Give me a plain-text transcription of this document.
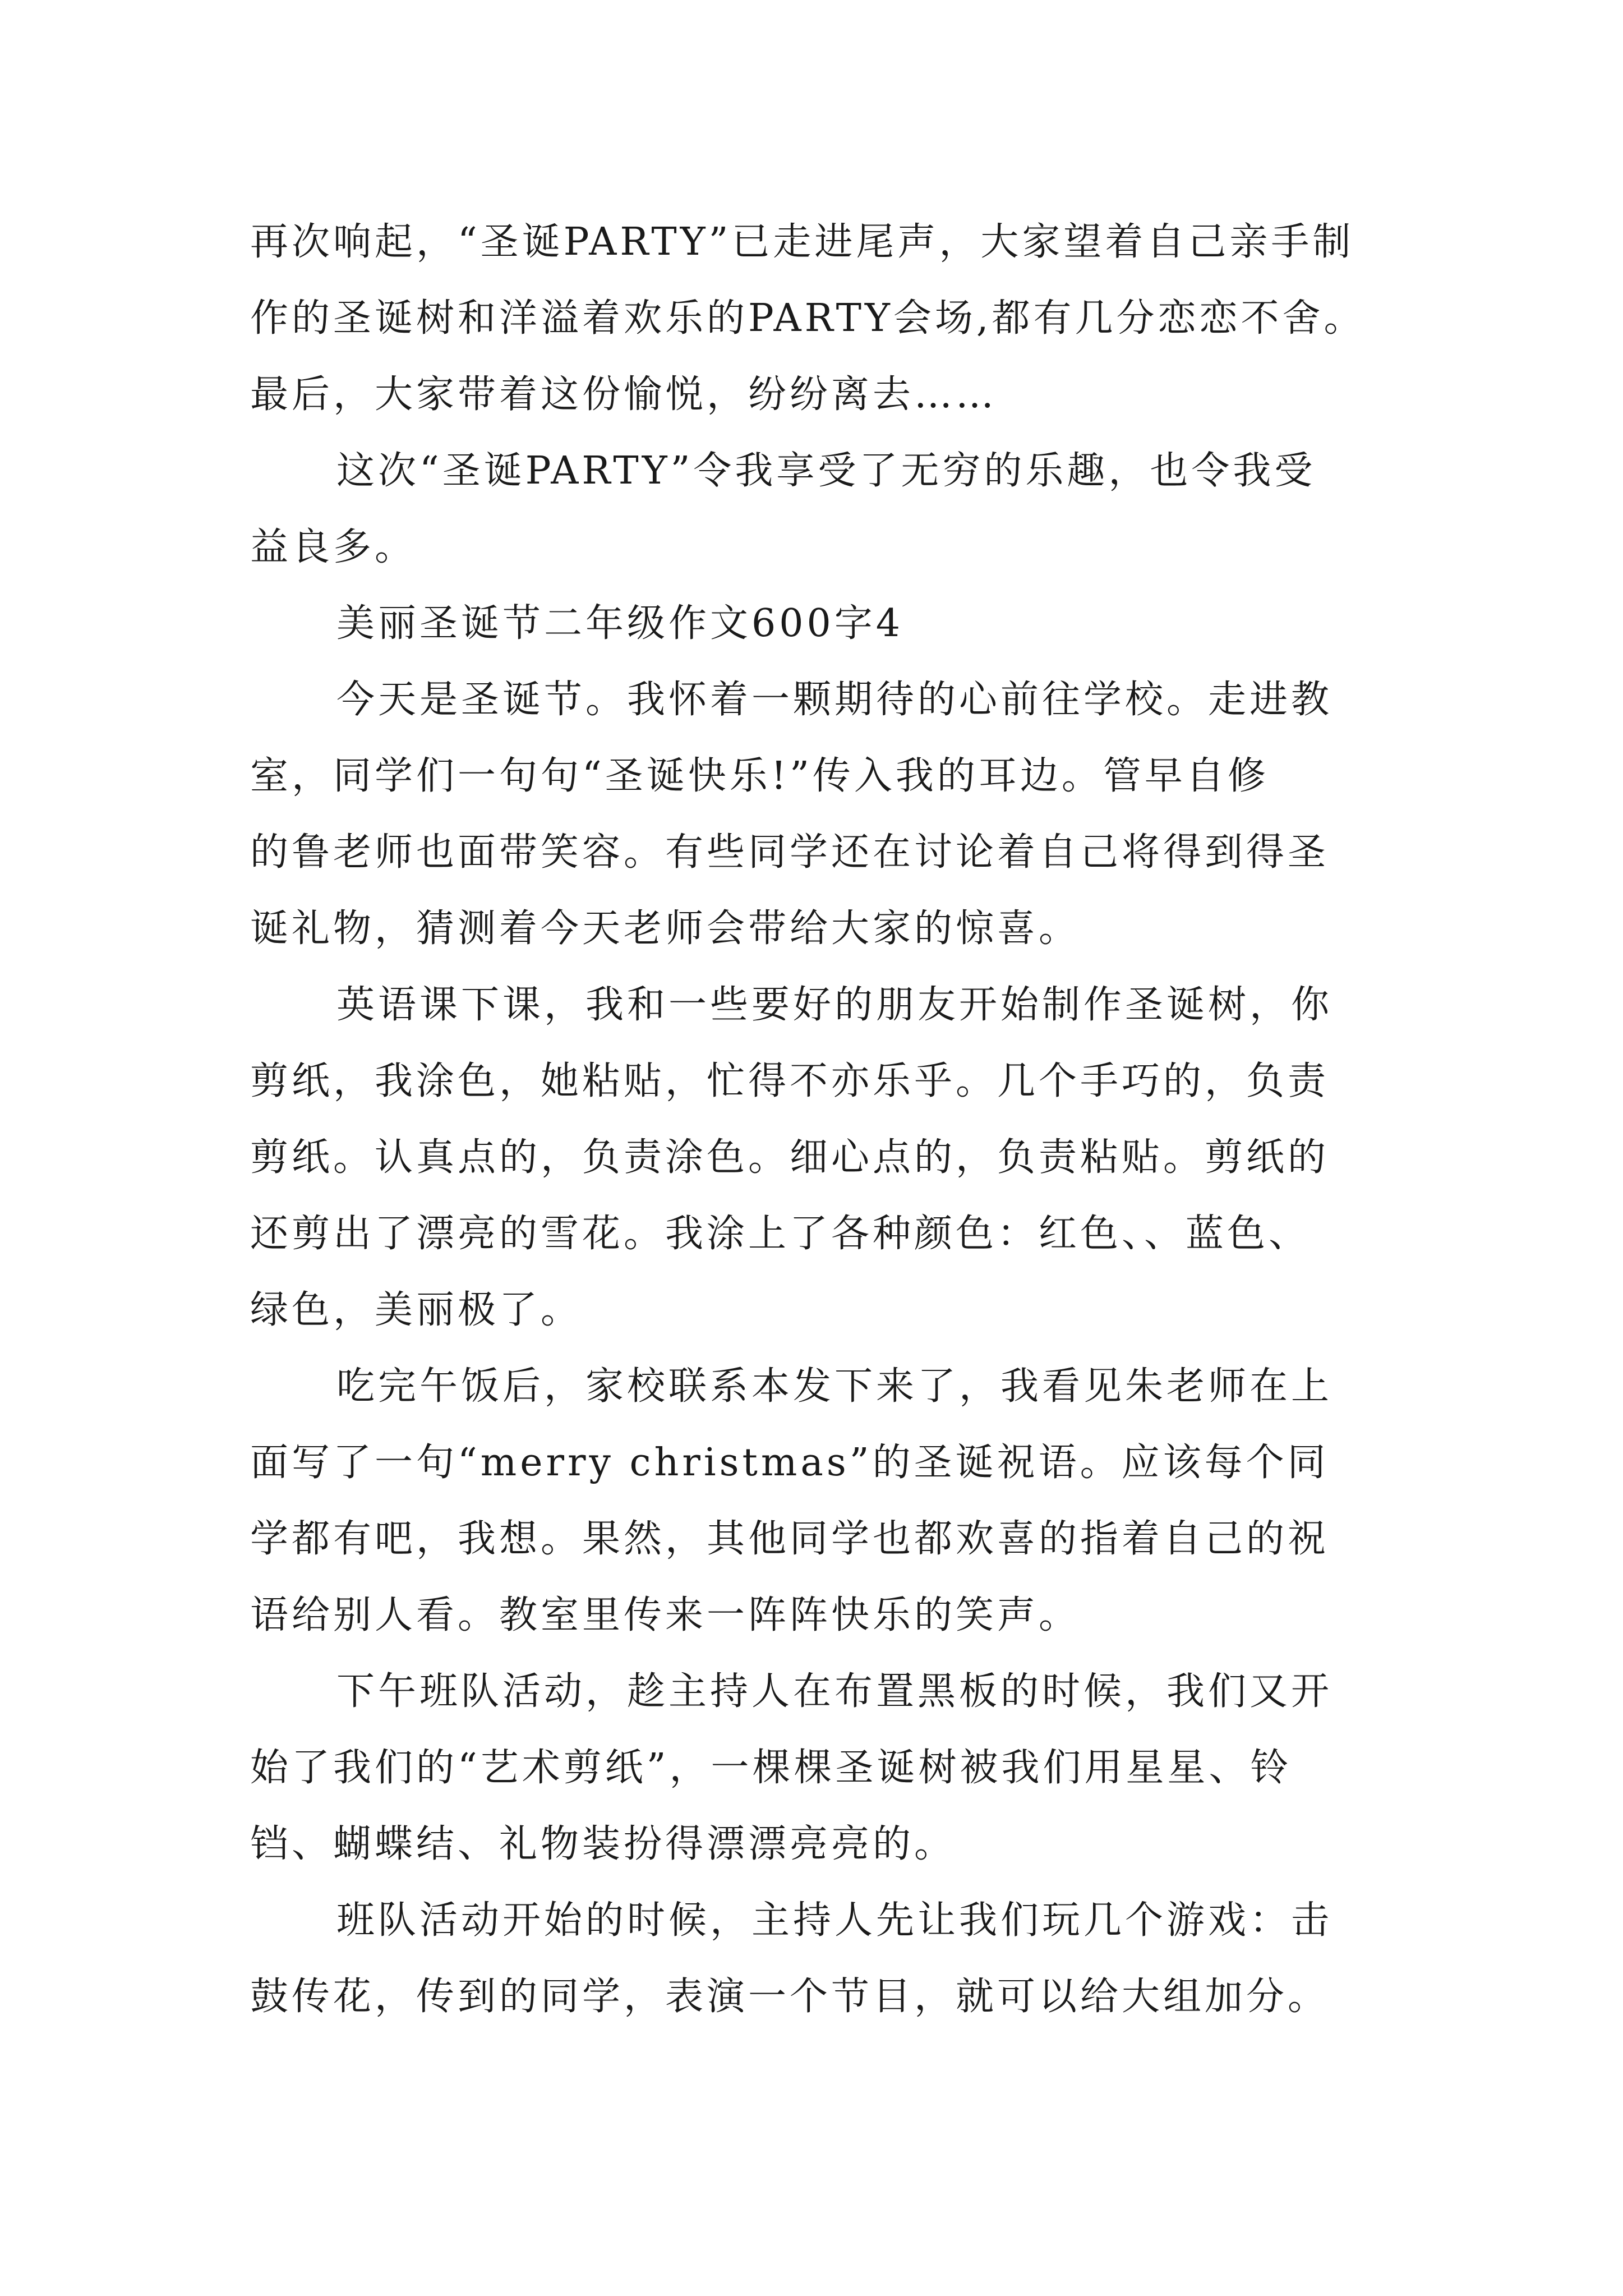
再次响起，“圣诞PARTY”已走进尾声，大家望着自己亲手制
作的圣诞树和洋溢着欢乐的PARTY会场,都有几分恋恋不舍。
最后，大家带着这份愉悦，纷纷离去……
这次“圣诞PARTY”令我享受了无穷的乐趣，也令我受
益良多。
美丽圣诞节二年级作文600字4
今天是圣诞节。我怀着一颗期待的心前往学校。走进教
室，同学们一句句“圣诞快乐!”传入我的耳边。管早自修
的鲁老师也面带笑容。有些同学还在讨论着自己将得到得圣
诞礼物，猜测着今天老师会带给大家的惊喜。
英语课下课，我和一些要好的朋友开始制作圣诞树，你
剪纸，我涂色，她粘贴，忙得不亦乐乎。几个手巧的，负责
剪纸。认真点的，负责涂色。细心点的，负责粘贴。剪纸的
还剪出了漂亮的雪花。我涂上了各种颜色：红色、、蓝色、
绿色，美丽极了。
吃完午饭后，家校联系本发下来了，我看见朱老师在上
面写了一句“merry christmas”的圣诞祝语。应该每个同
学都有吧，我想。果然，其他同学也都欢喜的指着自己的祝
语给别人看。教室里传来一阵阵快乐的笑声。
下午班队活动，趁主持人在布置黑板的时候，我们又开
始了我们的“艺术剪纸”，一棵棵圣诞树被我们用星星、铃
铛、蝴蝶结、礼物装扮得漂漂亮亮的。
班队活动开始的时候，主持人先让我们玩几个游戏：击
鼓传花，传到的同学，表演一个节目，就可以给大组加分。
